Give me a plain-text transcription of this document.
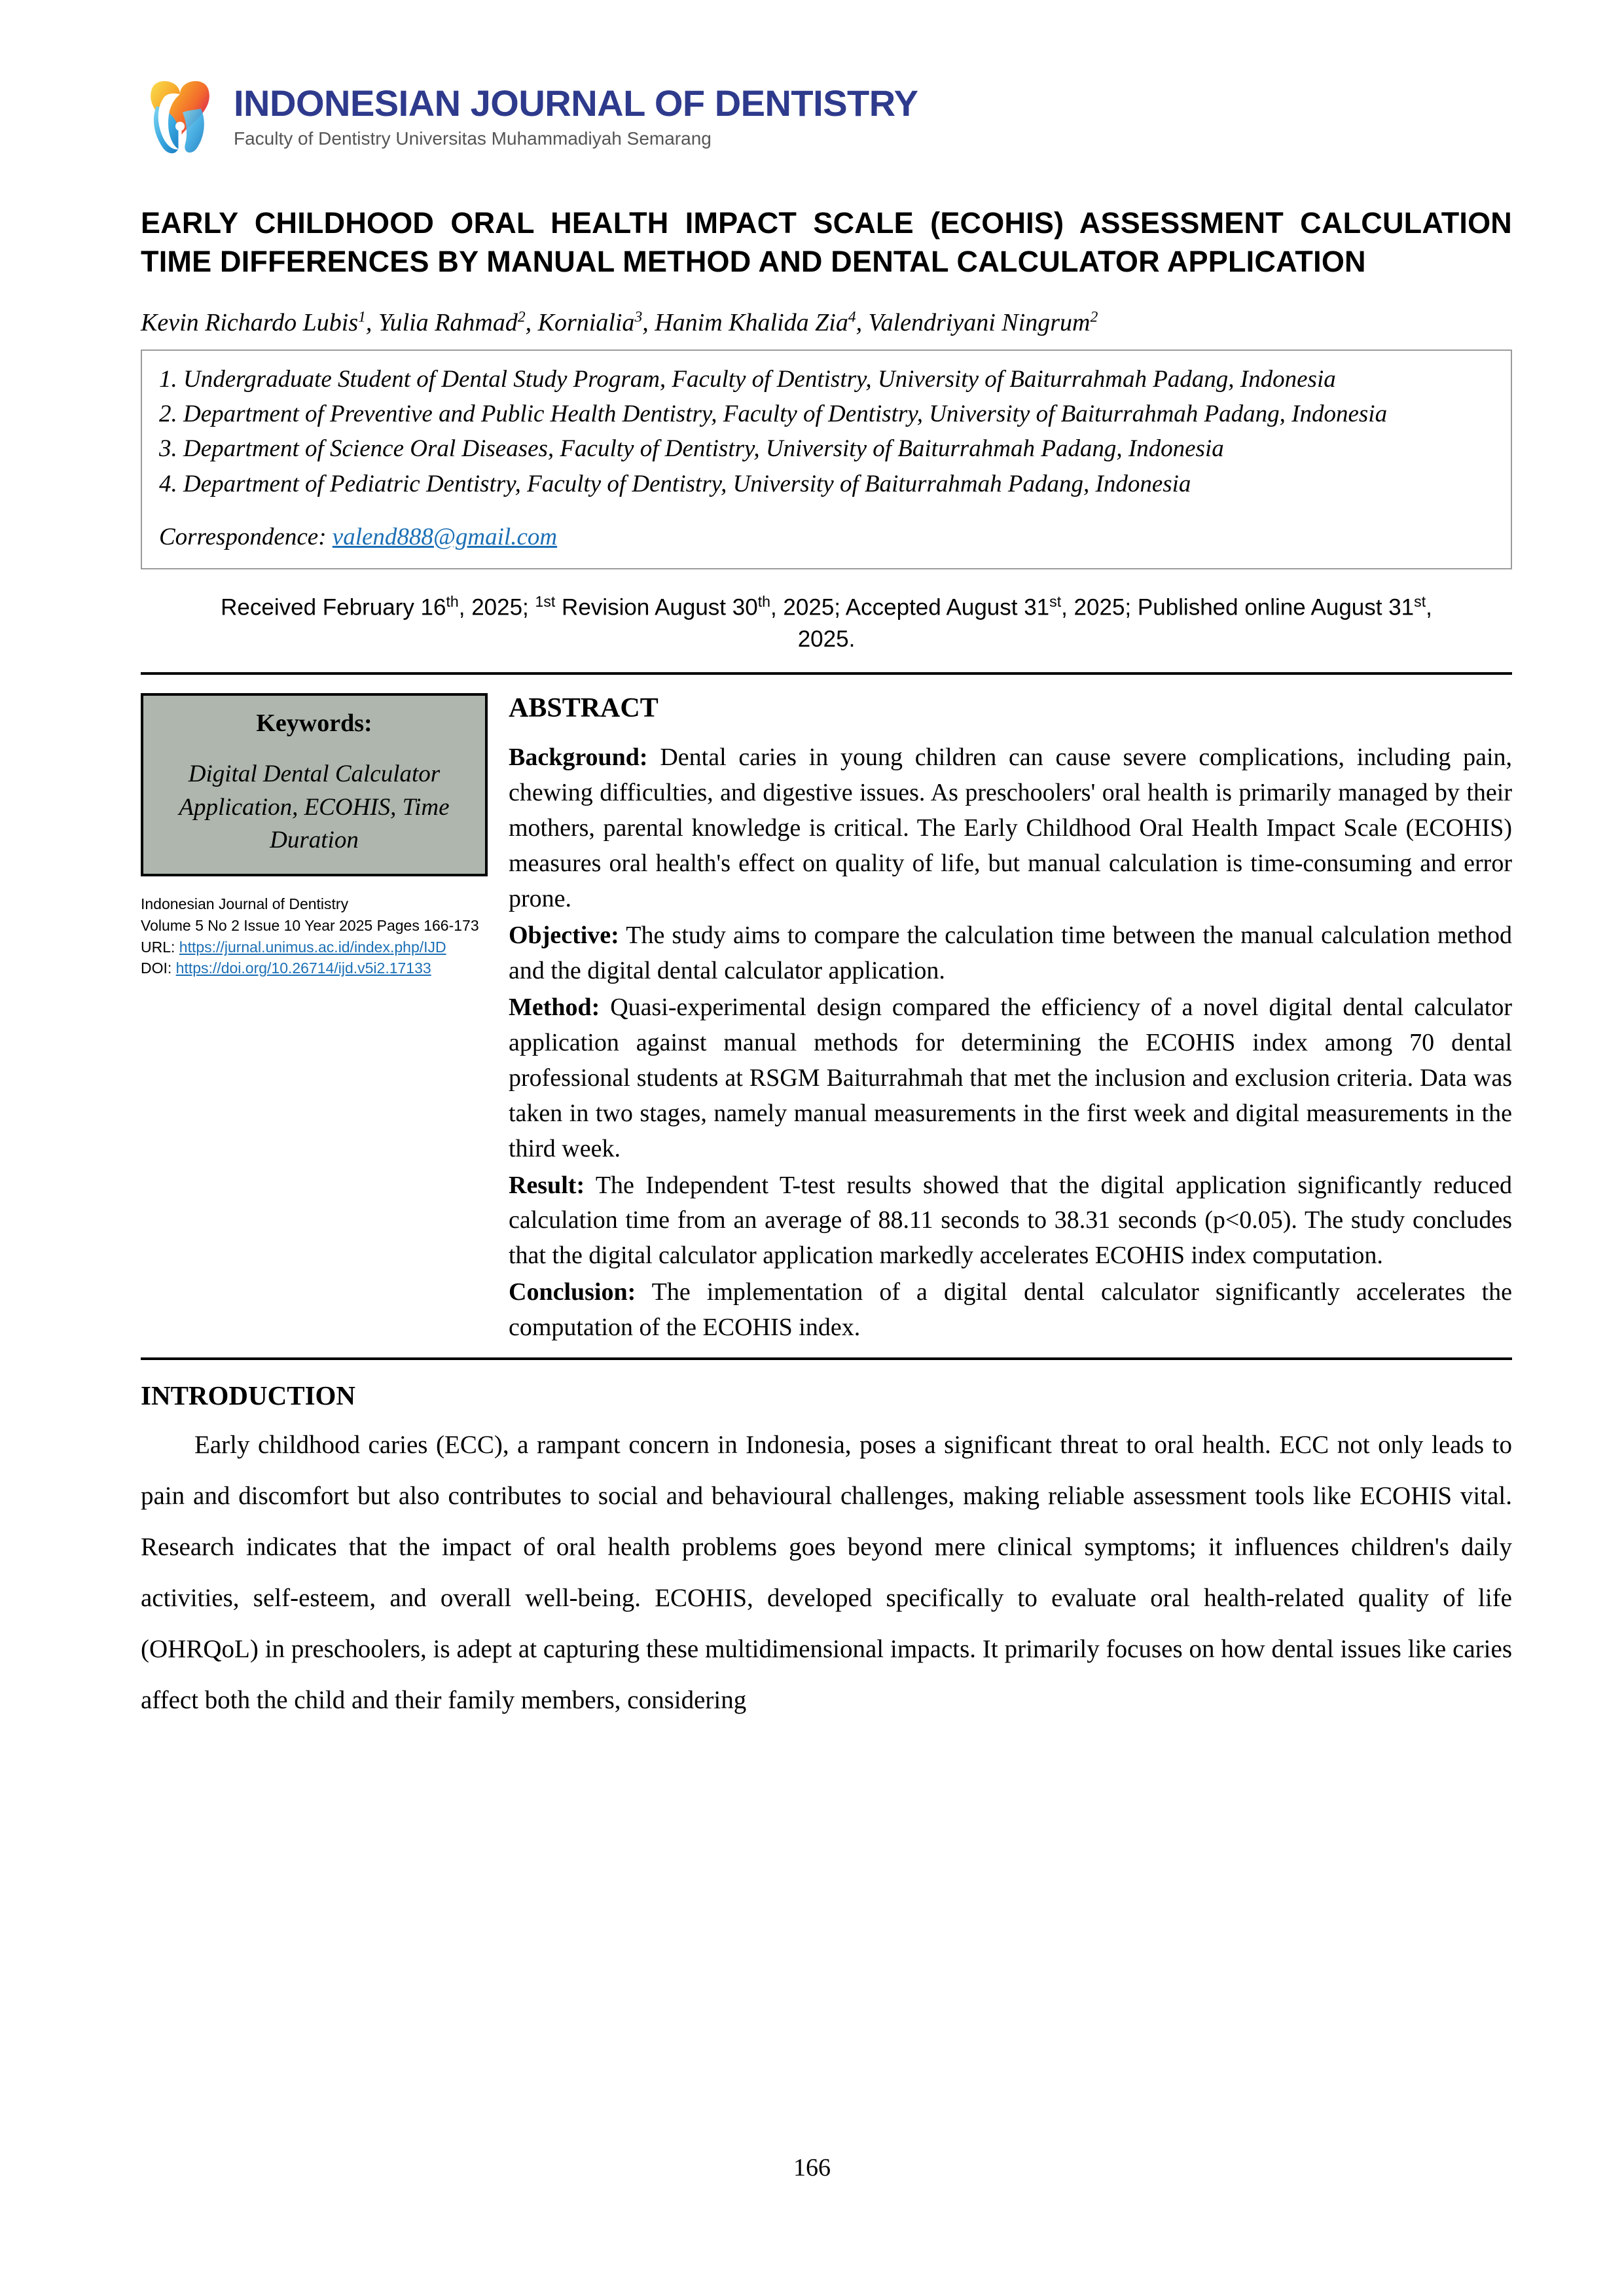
INDONESIAN JOURNAL OF DENTISTRY
Faculty of Dentistry Universitas Muhammadiyah Semarang
EARLY CHILDHOOD ORAL HEALTH IMPACT SCALE (ECOHIS) ASSESSMENT CALCULATION TIME DIFFERENCES BY MANUAL METHOD AND DENTAL CALCULATOR APPLICATION
Kevin Richardo Lubis$^1$, Yulia Rahmad$^2$, Kornialia$^3$, Hanim Khalida Zia$^4$, Valendriyani Ningrum$^2$
1. Undergraduate Student of Dental Study Program, Faculty of Dentistry, University of Baiturrahmah Padang, Indonesia
2. Department of Preventive and Public Health Dentistry, Faculty of Dentistry, University of Baiturrahmah Padang, Indonesia
3. Department of Science Oral Diseases, Faculty of Dentistry, University of Baiturrahmah Padang, Indonesia
4. Department of Pediatric Dentistry, Faculty of Dentistry, University of Baiturrahmah Padang, Indonesia
Correspondence: valend888@gmail.com
Received February 16th, 2025; $^{1st}$ Revision August 30th, 2025; Accepted August 31st, 2025; Published online August 31st, 2025.
Keywords:
Digital Dental Calculator Application, ECOHIS, Time Duration
Indonesian Journal of Dentistry
Volume 5 No 2 Issue 10 Year 2025 Pages 166-173
URL: https://jurnal.unimus.ac.id/index.php/IJD
DOI: https://doi.org/10.26714/ijd.v5i2.17133
ABSTRACT

Background: Dental caries in young children can cause severe complications, including pain, chewing difficulties, and digestive issues. As preschoolers' oral health is primarily managed by their mothers, parental knowledge is critical. The Early Childhood Oral Health Impact Scale (ECOHIS) measures oral health's effect on quality of life, but manual calculation is time-consuming and error prone.

Objective: The study aims to compare the calculation time between the manual calculation method and the digital dental calculator application.

Method: Quasi-experimental design compared the efficiency of a novel digital dental calculator application against manual methods for determining the ECOHIS index among 70 dental professional students at RSGM Baiturrahmah that met the inclusion and exclusion criteria. Data was taken in two stages, namely manual measurements in the first week and digital measurements in the third week.

Result: The Independent T-test results showed that the digital application significantly reduced calculation time from an average of 88.11 seconds to 38.31 seconds (p<0.05). The study concludes that the digital calculator application markedly accelerates ECOHIS index computation.

Conclusion: The implementation of a digital dental calculator significantly accelerates the computation of the ECOHIS index.

INTRODUCTION

Early childhood caries (ECC), a rampant concern in Indonesia, poses a significant threat to oral health. ECC not only leads to pain and discomfort but also contributes to social and behavioural challenges, making reliable assessment tools like ECOHIS vital. Research indicates that the impact of oral health problems goes beyond mere clinical symptoms; it influences children's daily activities, self-esteem, and overall well-being. ECOHIS, developed specifically to evaluate oral health-related quality of life (OHRQoL) in preschoolers, is adept at capturing these multidimensional impacts. It primarily focuses on how dental issues like caries affect both the child and their family members, considering

166
